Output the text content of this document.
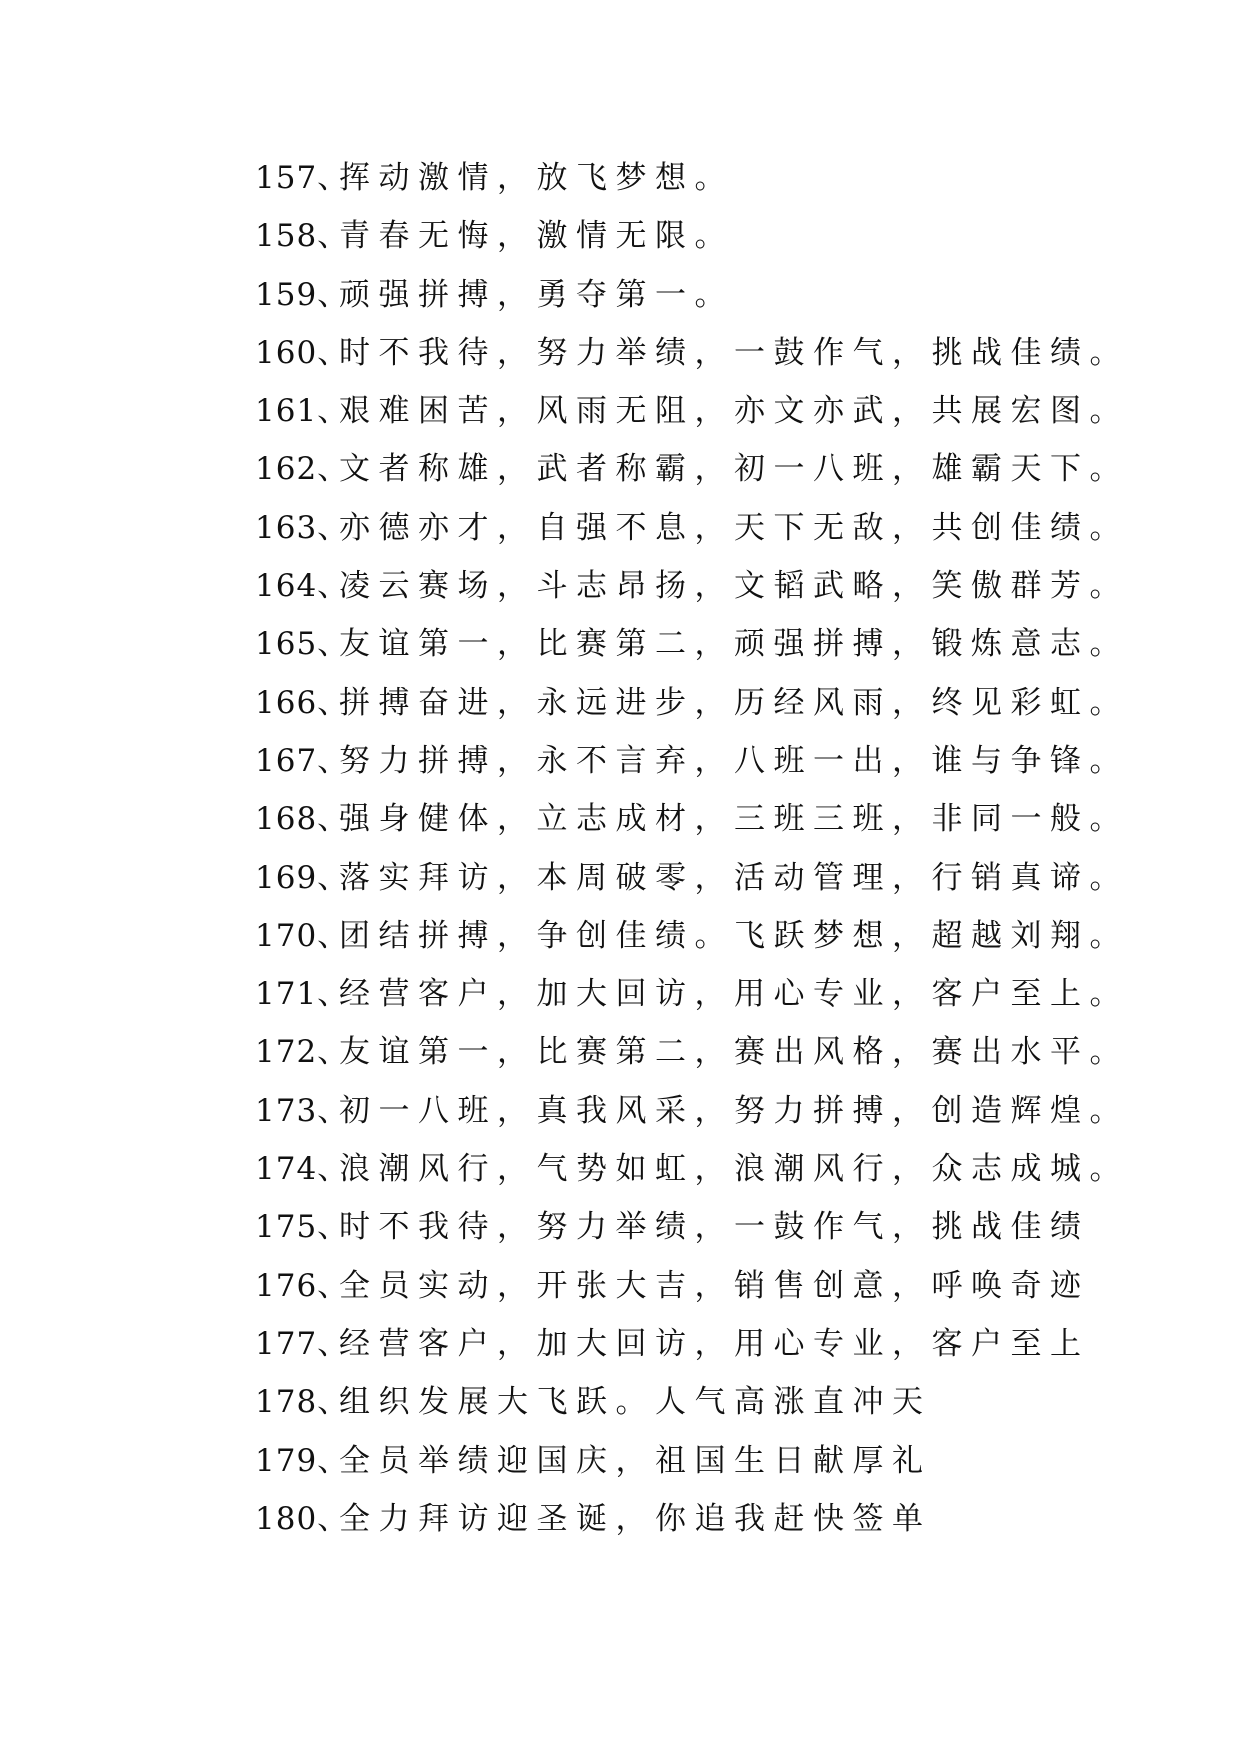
157、
挥动激情，放飞梦想。
158、
青春无悔，激情无限。
159、
顽强拼搏，勇夺第一。
160、
时不我待，努力举绩，一鼓作气，挑战佳绩。
161、
艰难困苦，风雨无阻，亦文亦武，共展宏图。
162、
文者称雄，武者称霸，初一八班，雄霸天下。
163、
亦德亦才，自强不息，天下无敌，共创佳绩。
164、
凌云赛场，斗志昂扬，文韬武略，笑傲群芳。
165、
友谊第一，比赛第二，顽强拼搏，锻炼意志。
166、
拼搏奋进，永远进步，历经风雨，终见彩虹。
167、
努力拼搏，永不言弃，八班一出，谁与争锋。
168、
强身健体，立志成材，三班三班，非同一般。
169、
落实拜访，本周破零，活动管理，行销真谛。
170、
团结拼搏，争创佳绩。飞跃梦想，超越刘翔。
171、
经营客户，加大回访，用心专业，客户至上。
172、
友谊第一，比赛第二，赛出风格，赛出水平。
173、
初一八班，真我风采，努力拼搏，创造辉煌。
174、
浪潮风行，气势如虹，浪潮风行，众志成城。
175、
时不我待，努力举绩，一鼓作气，挑战佳绩
176、
全员实动，开张大吉，销售创意，呼唤奇迹
177、
经营客户，加大回访，用心专业，客户至上
178、
组织发展大飞跃。人气高涨直冲天
179、
全员举绩迎国庆，祖国生日献厚礼
180、
全力拜访迎圣诞，你追我赶快签单
